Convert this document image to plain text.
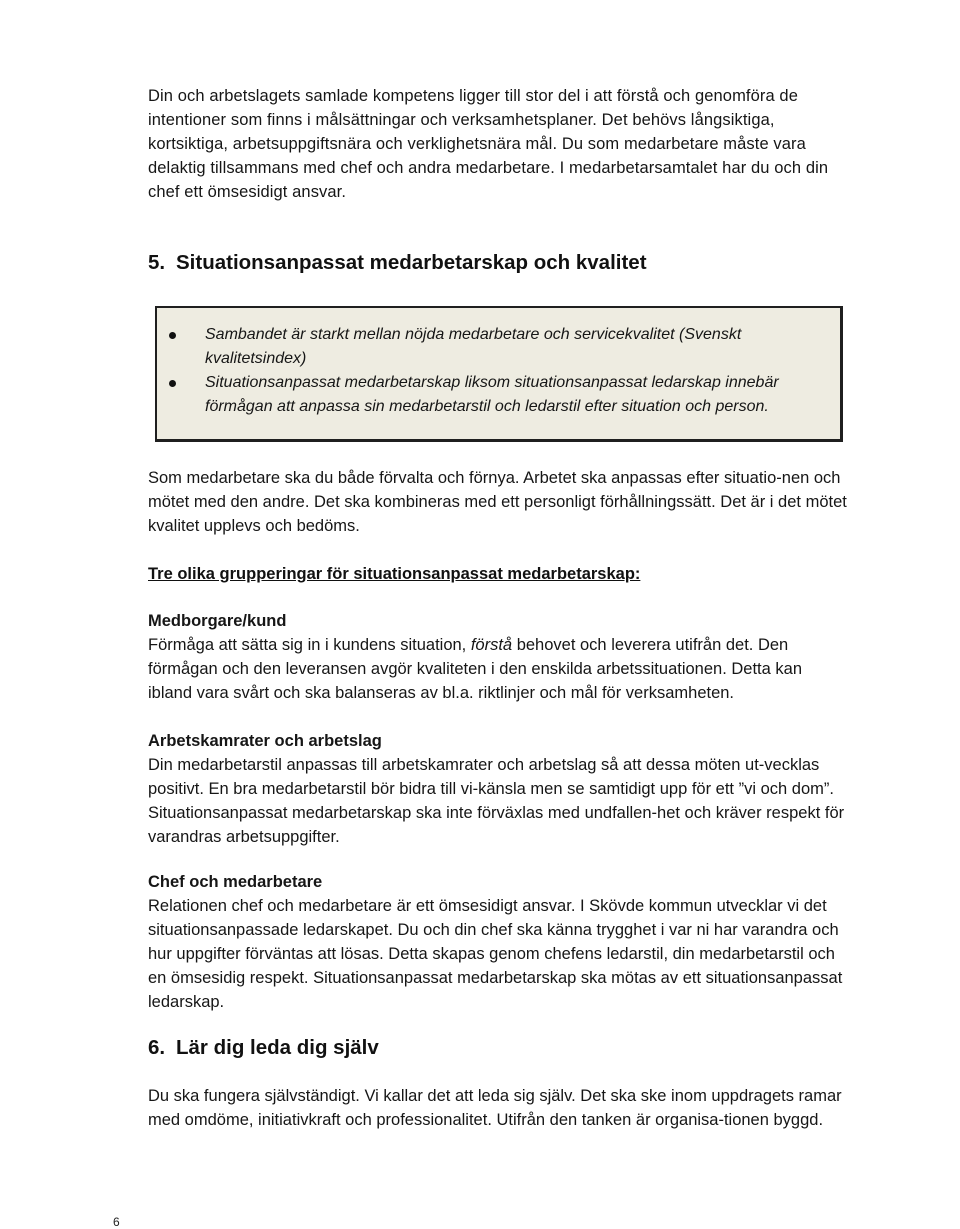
Din och arbetslagets samlade kompetens ligger till stor del i att förstå och genomföra de intentioner som finns i målsättningar och verksamhetsplaner. Det behövs långsiktiga, kortsiktiga, arbetsuppgiftsnära och verklighetsnära mål. Du som medarbetare måste vara delaktig tillsammans med chef och andra medarbetare. I medarbetarsamtalet har du och din chef ett ömsesidigt ansvar.

5. Situationsanpassat medarbetarskap och kvalitet
Sambandet är starkt mellan nöjda medarbetare och servicekvalitet (Svenskt kvalitetsindex)
Situationsanpassat medarbetarskap liksom situationsanpassat ledarskap innebär förmågan att anpassa sin medarbetarstil och ledarstil efter situation och person.

Som medarbetare ska du både förvalta och förnya. Arbetet ska anpassas efter situatio-nen och mötet med den andre. Det ska kombineras med ett personligt förhållningssätt. Det är i det mötet kvalitet upplevs och bedöms.

Tre olika grupperingar för situationsanpassat medarbetarskap:

Medborgare/kund
Förmåga att sätta sig in i kundens situation, förstå behovet och leverera utifrån det. Den förmågan och den leveransen avgör kvaliteten i den enskilda arbetssituationen. Detta kan ibland vara svårt och ska balanseras av bl.a. riktlinjer och mål för verksamheten.
Arbetskamrater och arbetslag
Din medarbetarstil anpassas till arbetskamrater och arbetslag så att dessa möten ut-vecklas positivt. En bra medarbetarstil bör bidra till vi-känsla men se samtidigt upp för ett ”vi och dom”. Situationsanpassat medarbetarskap ska inte förväxlas med undfallen-het och kräver respekt för varandras arbetsuppgifter.
Chef och medarbetare
Relationen chef och medarbetare är ett ömsesidigt ansvar. I Skövde kommun utvecklar vi det situationsanpassade ledarskapet. Du och din chef ska känna trygghet i var ni har varandra och hur uppgifter förväntas att lösas. Detta skapas genom chefens ledarstil, din medarbetarstil och en ömsesidig respekt. Situationsanpassat medarbetarskap ska mötas av ett situationsanpassat ledarskap.
6. Lär dig leda dig själv

Du ska fungera självständigt. Vi kallar det att leda sig själv. Det ska ske inom uppdragets ramar med omdöme, initiativkraft och professionalitet. Utifrån den tanken är organisa-tionen byggd.

6
